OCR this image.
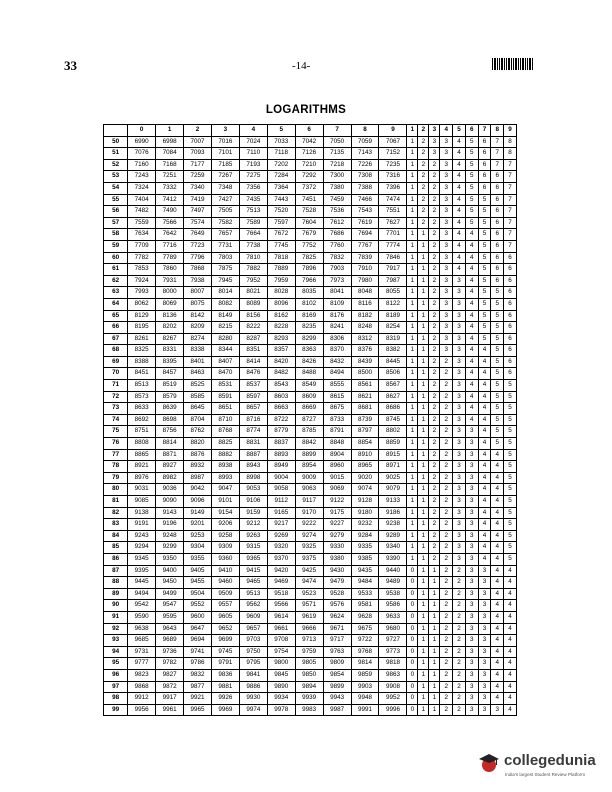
33	-14-
LOGARITHMS
	0	1	2	3	4	5	6	7	8	9	1	2	3	4	5	6	7	8	9
50	6990	6998	7007	7016	7024	7033	7042	7050	7059	7067	1	2	3	3	4	5	6	7	8
51	7076	7084	7093	7101	7110	7118	7126	7135	7143	7152	1	2	3	3	4	5	6	7	8
52	7160	7168	7177	7185	7193	7202	7210	7218	7226	7235	1	2	2	3	4	5	6	7	7
53	7243	7251	7259	7267	7275	7284	7292	7300	7308	7316	1	2	2	3	4	5	6	6	7
54	7324	7332	7340	7348	7356	7364	7372	7380	7388	7396	1	2	2	3	4	5	6	6	7
55	7404	7412	7419	7427	7435	7443	7451	7459	7466	7474	1	2	2	3	4	5	5	6	7
56	7482	7490	7497	7505	7513	7520	7528	7536	7543	7551	1	2	2	3	4	5	5	6	7
57	7559	7566	7574	7582	7589	7597	7604	7612	7619	7627	1	2	2	3	4	5	5	6	7
58	7634	7642	7649	7657	7664	7672	7679	7686	7694	7701	1	1	2	3	4	4	5	6	7
59	7709	7716	7723	7731	7738	7745	7752	7760	7767	7774	1	1	2	3	4	4	5	6	7
60	7782	7789	7796	7803	7810	7818	7825	7832	7839	7846	1	1	2	3	4	4	5	6	6
61	7853	7860	7868	7875	7882	7889	7896	7903	7910	7917	1	1	2	3	4	4	5	6	6
62	7924	7931	7938	7945	7952	7959	7966	7973	7980	7987	1	1	2	3	3	4	5	6	6
63	7993	8000	8007	8014	8021	8028	8035	8041	8048	8055	1	1	2	3	3	4	5	5	6
64	8062	8069	8075	8082	8089	8096	8102	8109	8116	8122	1	1	2	3	3	4	5	5	6
65	8129	8136	8142	8149	8156	8162	8169	8176	8182	8189	1	1	2	3	3	4	5	5	6
66	8195	8202	8209	8215	8222	8228	8235	8241	8248	8254	1	1	2	3	3	4	5	5	6
67	8261	8267	8274	8280	8287	8293	8299	8306	8312	8319	1	1	2	3	3	4	5	5	6
68	8325	8331	8338	8344	8351	8357	8363	8370	8376	8382	1	1	2	3	3	4	4	5	6
69	8388	8395	8401	8407	8414	8420	8426	8432	8439	8445	1	1	2	2	3	4	4	5	6
70	8451	8457	8463	8470	8476	8482	8488	8494	8500	8506	1	1	2	2	3	4	4	5	6
71	8513	8519	8525	8531	8537	8543	8549	8555	8561	8567	1	1	2	2	3	4	4	5	5
72	8573	8579	8585	8591	8597	8603	8609	8615	8621	8627	1	1	2	2	3	4	4	5	5
73	8633	8639	8645	8651	8657	8663	8669	8675	8681	8686	1	1	2	2	3	4	4	5	5
74	8692	8698	8704	8710	8716	8722	8727	8733	8739	8745	1	1	2	2	3	4	4	5	5
75	8751	8756	8762	8768	8774	8779	8785	8791	8797	8802	1	1	2	2	3	3	4	5	5
76	8808	8814	8820	8825	8831	8837	8842	8848	8854	8859	1	1	2	2	3	3	4	5	5
77	8865	8871	8876	8882	8887	8893	8899	8904	8910	8915	1	1	2	2	3	3	4	4	5
78	8921	8927	8932	8938	8943	8949	8954	8960	8965	8971	1	1	2	2	3	3	4	4	5
79	8976	8982	8987	8993	8998	9004	9009	9015	9020	9025	1	1	2	2	3	3	4	4	5
80	9031	9036	9042	9047	9053	9058	9063	9069	9074	9079	1	1	2	2	3	3	4	4	5
81	9085	9090	9096	9101	9106	9112	9117	9122	9128	9133	1	1	2	2	3	3	4	4	5
82	9138	9143	9149	9154	9159	9165	9170	9175	9180	9186	1	1	2	2	3	3	4	4	5
83	9191	9196	9201	9206	9212	9217	9222	9227	9232	9238	1	1	2	2	3	3	4	4	5
84	9243	9248	9253	9258	9263	9269	9274	9279	9284	9289	1	1	2	2	3	3	4	4	5
85	9294	9299	9304	9309	9315	9320	9325	9330	9335	9340	1	1	2	2	3	3	4	4	5
86	9345	9350	9355	9360	9365	9370	9375	9380	9385	9390	1	1	2	2	3	3	4	4	5
87	9395	9400	9405	9410	9415	9420	9425	9430	9435	9440	0	1	1	2	2	3	3	4	4
88	9445	9450	9455	9460	9465	9469	9474	9479	9484	9489	0	1	1	2	2	3	3	4	4
89	9494	9499	9504	9509	9513	9518	9523	9528	9533	9538	0	1	1	2	2	3	3	4	4
90	9542	9547	9552	9557	9562	9566	9571	9576	9581	9586	0	1	1	2	2	3	3	4	4
91	9590	9595	9600	9605	9609	9614	9619	9624	9628	9633	0	1	1	2	2	3	3	4	4
92	9638	9643	9647	9652	9657	9661	9666	9671	9675	9680	0	1	1	2	2	3	3	4	4
93	9685	9689	9694	9699	9703	9708	9713	9717	9722	9727	0	1	1	2	2	3	3	4	4
94	9731	9736	9741	9745	9750	9754	9759	9763	9768	9773	0	1	1	2	2	3	3	4	4
95	9777	9782	9786	9791	9795	9800	9805	9809	9814	9818	0	1	1	2	2	3	3	4	4
96	9823	9827	9832	9836	9841	9845	9850	9854	9859	9863	0	1	1	2	2	3	3	4	4
97	9868	9872	9877	9881	9886	9890	9894	9899	9903	9908	0	1	1	2	2	3	3	4	4
98	9912	9917	9921	9926	9930	9934	9939	9943	9948	9952	0	1	1	2	2	3	3	4	4
99	9956	9961	9965	9969	9974	9978	9983	9987	9991	9996	0	1	1	2	2	3	3	3	4
collegedunia
India's largest Student Review Platform
